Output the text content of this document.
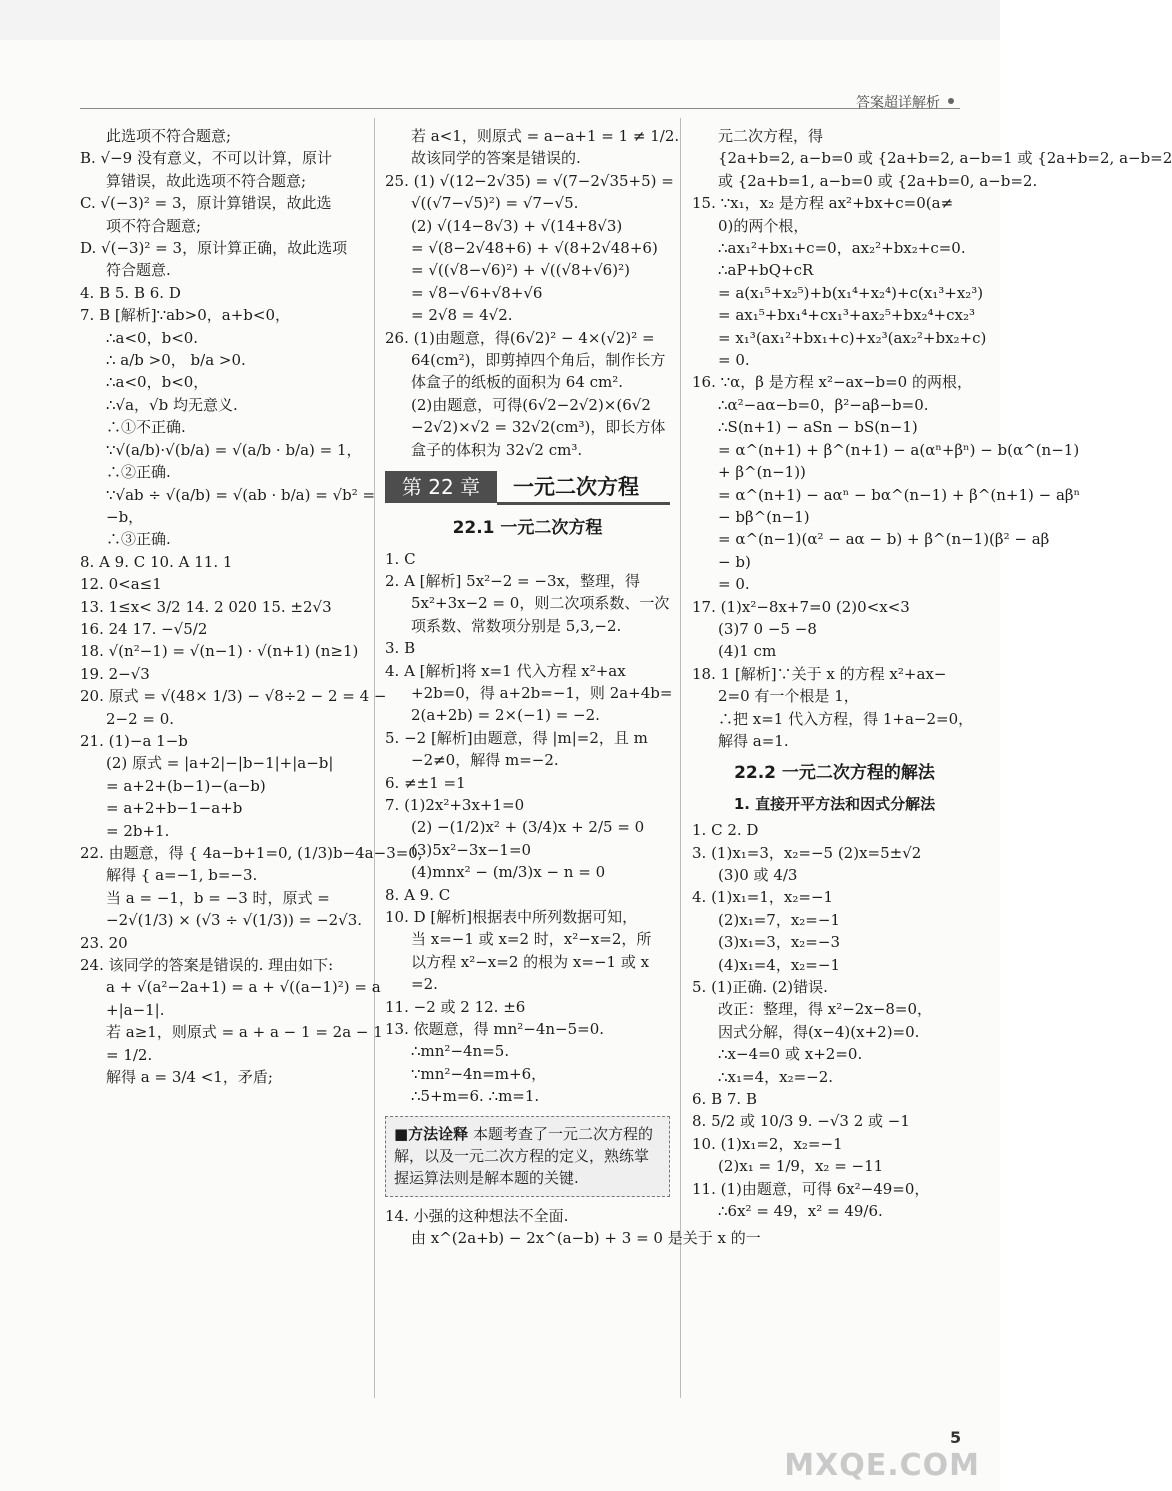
答案超详解析
此选项不符合题意;
B. √−9 没有意义，不可以计算，原计
算错误，故此选项不符合题意;
C. √(−3)² = 3，原计算错误，故此选
项不符合题意;
D. √(−3)² = 3，原计算正确，故此选项
符合题意.
4. B 5. B 6. D
7. B [解析]∵ab>0，a+b<0，
∴a<0，b<0.
∴ a/b >0， b/a >0.
∴a<0，b<0，
∴√a，√b 均无意义.
∴①不正确.
∵√(a/b)·√(b/a) = √(a/b · b/a) = 1，
∴②正确.
∵√ab ÷ √(a/b) = √(ab · b/a) = √b² =
−b，
∴③正确.
8. A 9. C 10. A 11. 1
12. 0<a≤1
13. 1≤x< 3/2 14. 2 020 15. ±2√3
16. 24 17. −√5/2
18. √(n²−1) = √(n−1) · √(n+1) (n≥1)
19. 2−√3
20. 原式 = √(48× 1/3) − √8÷2 − 2 = 4 −
2−2 = 0.
21. (1)−a 1−b
(2) 原式 = |a+2|−|b−1|+|a−b|
= a+2+(b−1)−(a−b)
= a+2+b−1−a+b
= 2b+1.
22. 由题意，得 { 4a−b+1=0, (1/3)b−4a−3=0,
解得 { a=−1, b=−3.
当 a = −1，b = −3 时，原式 =
−2√(1/3) × (√3 ÷ √(1/3)) = −2√3.
23. 20
24. 该同学的答案是错误的. 理由如下:
a + √(a²−2a+1) = a + √((a−1)²) = a
+|a−1|.
若 a≥1，则原式 = a + a − 1 = 2a − 1
= 1/2.
解得 a = 3/4 <1，矛盾;
若 a<1，则原式 = a−a+1 = 1 ≠ 1/2.
故该同学的答案是错误的.
25. (1) √(12−2√35) = √(7−2√35+5) =
√((√7−√5)²) = √7−√5.
(2) √(14−8√3) + √(14+8√3)
= √(8−2√48+6) + √(8+2√48+6)
= √((√8−√6)²) + √((√8+√6)²)
= √8−√6+√8+√6
= 2√8 = 4√2.
26. (1)由题意，得(6√2)² − 4×(√2)² =
64(cm²)，即剪掉四个角后，制作长方
体盒子的纸板的面积为 64 cm².
(2)由题意，可得(6√2−2√2)×(6√2
−2√2)×√2 = 32√2(cm³)，即长方体
盒子的体积为 32√2 cm³.
第 22 章	一元二次方程
22.1 一元二次方程
1. C
2. A [解析] 5x²−2 = −3x，整理，得
5x²+3x−2 = 0，则二次项系数、一次
项系数、常数项分别是 5,3,−2.
3. B
4. A [解析]将 x=1 代入方程 x²+ax
+2b=0，得 a+2b=−1，则 2a+4b=
2(a+2b) = 2×(−1) = −2.
5. −2 [解析]由题意，得 |m|=2，且 m
−2≠0，解得 m=−2.
6. ≠±1 =1
7. (1)2x²+3x+1=0
(2) −(1/2)x² + (3/4)x + 2/5 = 0
(3)5x²−3x−1=0
(4)mnx² − (m/3)x − n = 0
8. A 9. C
10. D [解析]根据表中所列数据可知，
当 x=−1 或 x=2 时，x²−x=2，所
以方程 x²−x=2 的根为 x=−1 或 x
=2.
11. −2 或 2 12. ±6
13. 依题意，得 mn²−4n−5=0.
∴mn²−4n=5.
∵mn²−4n=m+6，
∴5+m=6. ∴m=1.
■方法诠释 本题考查了一元二次方程的解，以及一元二次方程的定义，熟练掌握运算法则是解本题的关键.
14. 小强的这种想法不全面.
由 x^(2a+b) − 2x^(a−b) + 3 = 0 是关于 x 的一
元二次方程，得
{2a+b=2, a−b=0 或 {2a+b=2, a−b=1 或 {2a+b=2, a−b=2
或 {2a+b=1, a−b=0 或 {2a+b=0, a−b=2.
15. ∵x₁，x₂ 是方程 ax²+bx+c=0(a≠
0)的两个根，
∴ax₁²+bx₁+c=0，ax₂²+bx₂+c=0.
∴aP+bQ+cR
= a(x₁⁵+x₂⁵)+b(x₁⁴+x₂⁴)+c(x₁³+x₂³)
= ax₁⁵+bx₁⁴+cx₁³+ax₂⁵+bx₂⁴+cx₂³
= x₁³(ax₁²+bx₁+c)+x₂³(ax₂²+bx₂+c)
= 0.
16. ∵α，β 是方程 x²−ax−b=0 的两根，
∴α²−aα−b=0，β²−aβ−b=0.
∴S(n+1) − aSn − bS(n−1)
= α^(n+1) + β^(n+1) − a(αⁿ+βⁿ) − b(α^(n−1)
+ β^(n−1))
= α^(n+1) − aαⁿ − bα^(n−1) + β^(n+1) − aβⁿ
− bβ^(n−1)
= α^(n−1)(α² − aα − b) + β^(n−1)(β² − aβ
− b)
= 0.
17. (1)x²−8x+7=0 (2)0<x<3
(3)7 0 −5 −8
(4)1 cm
18. 1 [解析]∵关于 x 的方程 x²+ax−
2=0 有一个根是 1，
∴把 x=1 代入方程，得 1+a−2=0，
解得 a=1.
22.2 一元二次方程的解法
1. 直接开平方法和因式分解法
1. C 2. D
3. (1)x₁=3，x₂=−5 (2)x=5±√2
(3)0 或 4/3
4. (1)x₁=1，x₂=−1
(2)x₁=7，x₂=−1
(3)x₁=3，x₂=−3
(4)x₁=4，x₂=−1
5. (1)正确. (2)错误.
改正：整理，得 x²−2x−8=0，
因式分解，得(x−4)(x+2)=0.
∴x−4=0 或 x+2=0.
∴x₁=4，x₂=−2.
6. B 7. B
8. 5/2 或 10/3 9. −√3 2 或 −1
10. (1)x₁=2，x₂=−1
(2)x₁ = 1/9，x₂ = −11
11. (1)由题意，可得 6x²−49=0，
∴6x² = 49，x² = 49/6.
5
MXQE.COM
